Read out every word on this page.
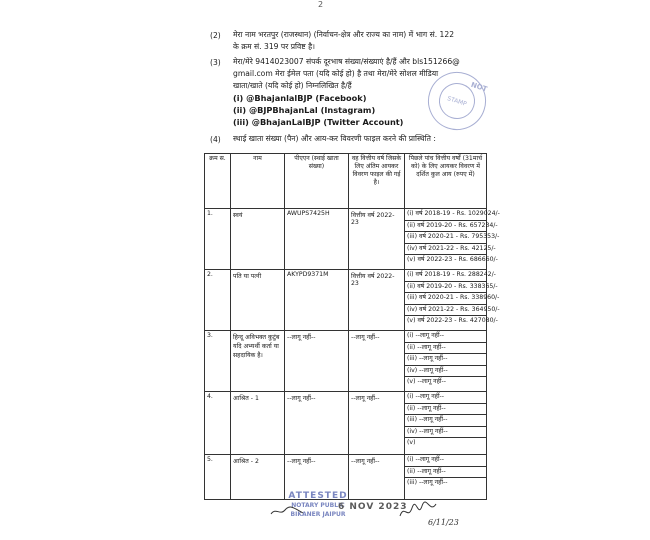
2
(2) मेरा नाम भरतपुर (राजस्थान) (निर्वाचन-क्षेत्र और राज्य का नाम) में भाग सं. 122
के क्रम सं. 319 पर प्रविष्ट है।
(3) मेरा/मेरे 9414023007 संपर्क दूरभाष संख्या/संख्याएं है/हैं और bls151266@
gmail.com मेरा ईमेल पता (यदि कोई हो) है तथा मेरा/मेरे सोशल मीडिया
खाता/खाते (यदि कोई हो) निम्नलिखित है/हैं
(i) @BhajanlalBJP (Facebook)
(ii) @BJPBhajanLal (Instagram)
(iii) @BhajanLalBJP (Twitter Account)
NOT
STAMP
(4) स्थाई खाता संख्या (पैन) और आय-कर विवरणी फाइल करने की प्रास्थिति :
क्रम स.	नाम	पीएएन (स्थाई खाता संख्या)	वह वित्तीय वर्ष जिसके लिए अंतिम आयकर विवरण फाइल की गई है।	पिछले पांच वित्तीय वर्षों (31मार्च को) के लिए आयकर विवरण में दर्शित कुल आय (रुपए में)
1.	स्वयं	AWUPS7425H	वित्तीय वर्ष 2022-23	(i) वर्ष 2018-19 - Rs. 1029024/-
(ii) वर्ष 2019-20 - Rs. 657234/-
(iii) वर्ष 2020-21 - Rs. 795353/-
(iv) वर्ष 2021-22 - Rs. 42125/-
(v) वर्ष 2022-23 - Rs. 686660/-

2.	पति या पत्नी	AKYPD9371M	वित्तीय वर्ष 2022-23	(i) वर्ष 2018-19 - Rs. 288242/-
(ii) वर्ष 2019-20 - Rs. 338365/-
(iii) वर्ष 2020-21 - Rs. 338960/-
(iv) वर्ष 2021-22 - Rs. 364950/-
(v) वर्ष 2022-23 - Rs. 427080/-

3.	हिन्दू अविभक्त कुटुंब यदि अभ्यर्थी कर्ता या सहदायिक है।	--लागू नहीं--	--लागू नहीं--	(i) --लागू नहीं--
(ii) --लागू नहीं--
(iii) --लागू नहीं--
(iv) --लागू नहीं--
(v) --लागू नहीं--

4.	आश्रित - 1	--लागू नहीं--	--लागू नहीं--	(i) --लागू नहीं--
(ii) --लागू नहीं--
(iii) --लागू नहीं--
(iv) --लागू नहीं--
(v)

5.	आश्रित - 2	--लागू नहीं--	--लागू नहीं--	(i) --लागू नहीं--
(ii) --लागू नहीं--
(iii) --लागू नहीं--
ATTESTED
NOTARY PUBLIC
BIKANER JAIPUR
6 NOV 2023
6/11/23
